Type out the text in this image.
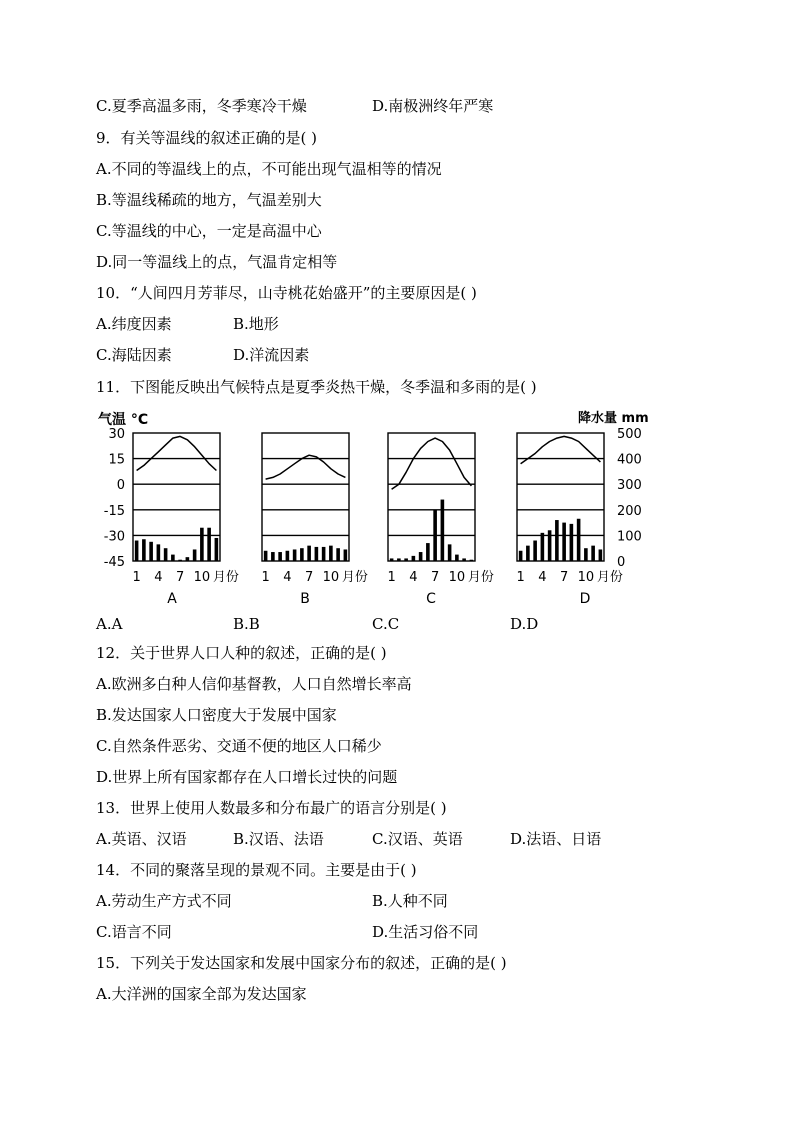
C.夏季高温多雨，冬季寒冷干燥	D.南极洲终年严寒
9．有关等温线的叙述正确的是( )
A.不同的等温线上的点，不可能出现气温相等的情况
B.等温线稀疏的地方，气温差别大
C.等温线的中心，一定是高温中心
D.同一等温线上的点，气温肯定相等
10．“人间四月芳菲尽，山寺桃花始盛开”的主要原因是( )
A.纬度因素	B.地形
C.海陆因素	D.洋流因素
11．下图能反映出气候特点是夏季炎热干燥，冬季温和多雨的是( )
气温 °C	降水量 mm
30
15
0
-15
-30
-45
500
400
300
200
100
0
1 4 7 10 月份
A
1 4 7 10 月份
B
1 4 7 10 月份
C
1 4 7 10 月份
D
A.A	B.B	C.C	D.D
12．关于世界人口人种的叙述，正确的是( )
A.欧洲多白种人信仰基督教，人口自然增长率高
B.发达国家人口密度大于发展中国家
C.自然条件恶劣、交通不便的地区人口稀少
D.世界上所有国家都存在人口增长过快的问题
13．世界上使用人数最多和分布最广的语言分别是( )
A.英语、汉语	B.汉语、法语	C.汉语、英语	D.法语、日语
14．不同的聚落呈现的景观不同。主要是由于( )
A.劳动生产方式不同	B.人种不同
C.语言不同	D.生活习俗不同
15．下列关于发达国家和发展中国家分布的叙述，正确的是( )
A.大洋洲的国家全部为发达国家
